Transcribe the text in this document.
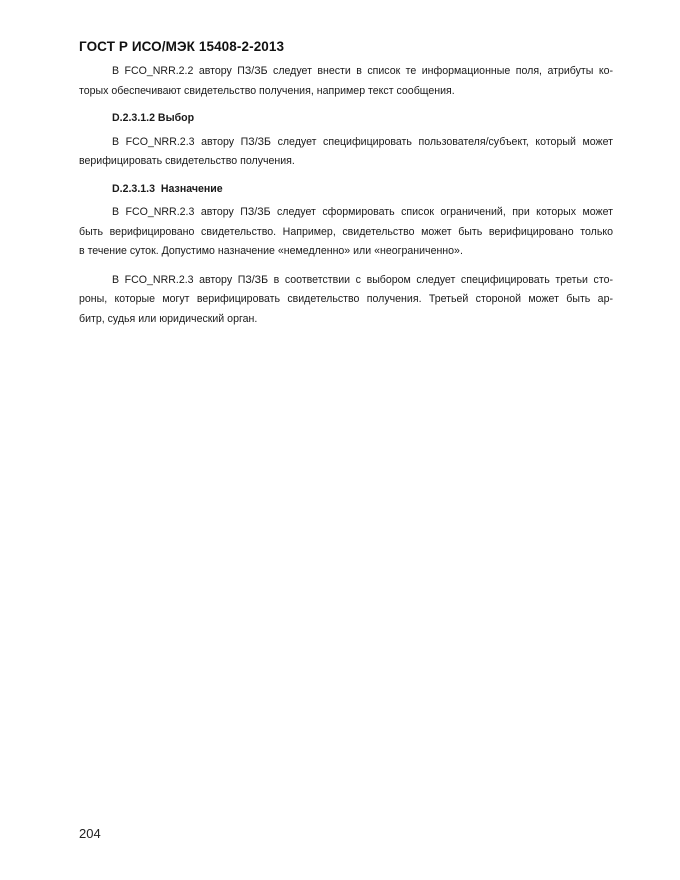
ГОСТ Р ИСО/МЭК 15408-2-2013
В FCO_NRR.2.2 автору ПЗ/ЗБ следует внести в список те информационные поля, атрибуты ко-
торых обеспечивают свидетельство получения, например текст сообщения.
D.2.3.1.2 Выбор
В FCO_NRR.2.3 автору ПЗ/ЗБ следует специфицировать пользователя/субъект, который может
верифицировать свидетельство получения.
D.2.3.1.3  Назначение
В FCO_NRR.2.3 автору ПЗ/ЗБ следует сформировать список ограничений, при которых может
быть верифицировано свидетельство. Например, свидетельство может быть верифицировано только
в течение суток. Допустимо назначение «немедленно» или «неограниченно».
В FCO_NRR.2.3 автору ПЗ/ЗБ в соответствии с выбором следует специфицировать третьи сто-
роны, которые могут верифицировать свидетельство получения. Третьей стороной может быть ар-
битр, судья или юридический орган.
204
